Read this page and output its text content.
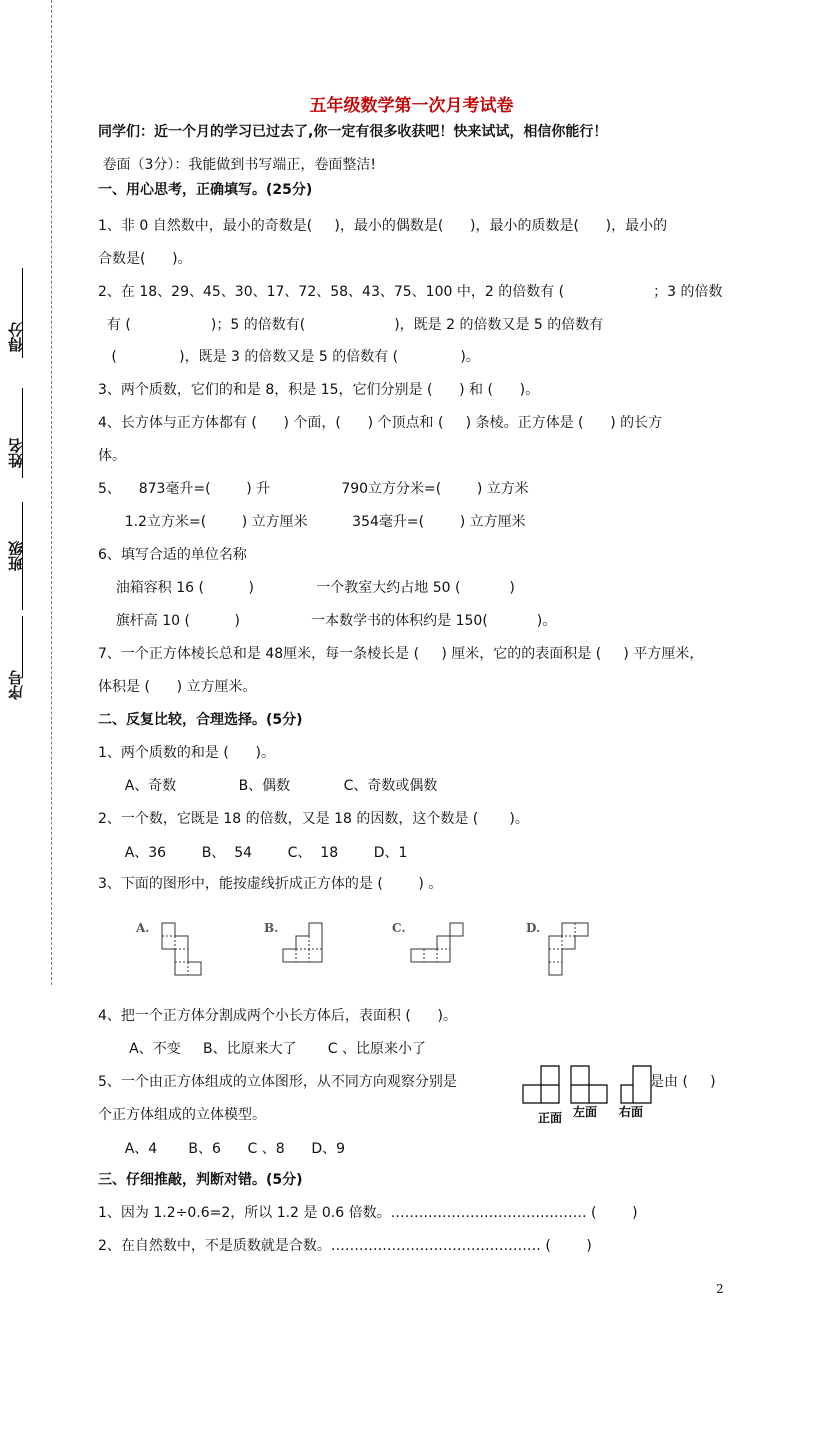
得分
姓名
班级
序号
五年级数学第一次月考试卷
同学们：近一个月的学习已过去了,你一定有很多收获吧！快来试试，相信你能行！
卷面（3分）：我能做到书写端正，卷面整洁!
一、用心思考，正确填写。(25分)
1、非 0 自然数中，最小的奇数是(     )，最小的偶数是(      )，最小的质数是(      )，最小的
合数是(      )。
2、在 18、29、45、30、17、72、58、43、75、100 中，2 的倍数有 (                    ；3 的倍数
有 (                  )；5 的倍数有(                    )，既是 2 的倍数又是 5 的倍数有
(              )，既是 3 的倍数又是 5 的倍数有 (              )。
3、两个质数，它们的和是 8，积是 15，它们分别是 (      ) 和 (      )。
4、长方体与正方体都有 (      ) 个面，(      ) 个顶点和 (     ) 条棱。正方体是 (      ) 的长方
体。
5、    873毫升=(        ) 升                790立方分米=(        ) 立方米
1.2立方米=(        ) 立方厘米          354毫升=(        ) 立方厘米
6、填写合适的单位名称
油箱容积 16 (          )              一个教室大约占地 50 (           )
旗杆高 10 (          )                一本数学书的体积约是 150(           )。
7、一个正方体棱长总和是 48厘米，每一条棱长是 (     ) 厘米，它的的表面积是 (     ) 平方厘米，
体积是 (      ) 立方厘米。
二、反复比较，合理选择。(5分)
1、两个质数的和是 (      )。
A、奇数              B、偶数            C、奇数或偶数
2、一个数，它既是 18 的倍数，又是 18 的因数，这个数是 (       )。
A、36        B、  54        C、  18        D、1
3、下面的图形中，能按虚线折成正方体的是 (        ) 。
A.	B.	C.	D.
4、把一个正方体分割成两个小长方体后，表面积 (      )。
A、不变     B、比原来大了       C 、比原来小了
5、一个由正方体组成的立体图形，从不同方向观察分别是	是由 (     )
正面 左面 右面
个正方体组成的立体模型。
A、4       B、6      C 、8      D、9
三、仔细推敲，判断对错。(5分)
1、因为 1.2÷0.6=2，所以 1.2 是 0.6 倍数。…………………………………… (        )
2、在自然数中，不是质数就是合数。……………………………………… (        )
2
